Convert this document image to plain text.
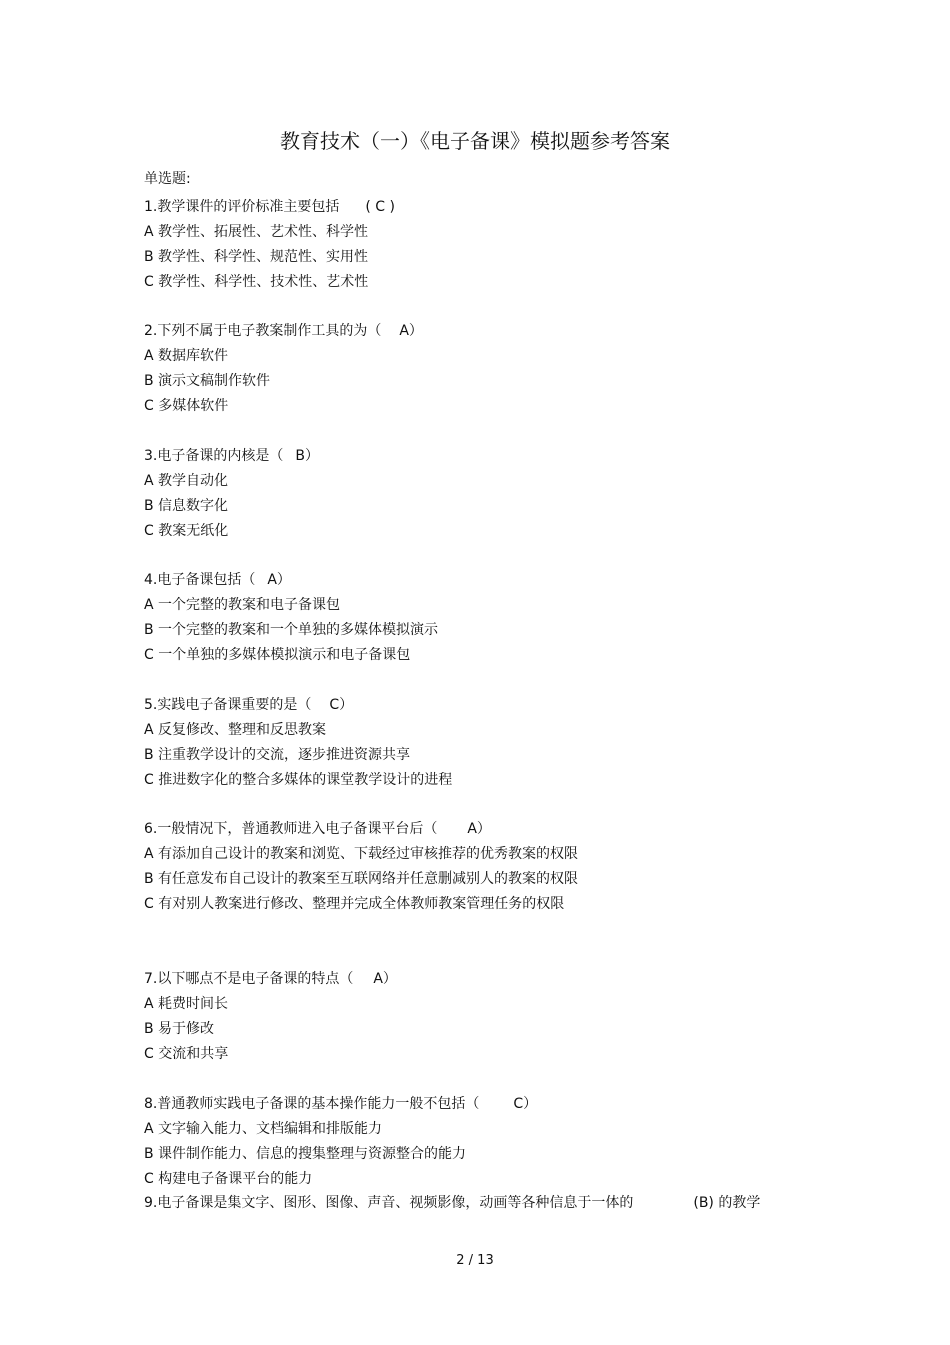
教育技术（一）《电子备课》模拟题参考答案
单选题:
1.教学课件的评价标准主要包括 ( C )
A 教学性、拓展性、艺术性、科学性
B 教学性、科学性、规范性、实用性
C 教学性、科学性、技术性、艺术性
2.下列不属于电子教案制作工具的为（ A）
A 数据库软件
B 演示文稿制作软件
C 多媒体软件
3.电子备课的内核是（ B）
A 教学自动化
B 信息数字化
C 教案无纸化
4.电子备课包括（ A）
A 一个完整的教案和电子备课包
B 一个完整的教案和一个单独的多媒体模拟演示
C 一个单独的多媒体模拟演示和电子备课包
5.实践电子备课重要的是（ C）
A 反复修改、整理和反思教案
B 注重教学设计的交流，逐步推进资源共享
C 推进数字化的整合多媒体的课堂教学设计的进程
6.一般情况下，普通教师进入电子备课平台后（ A）
A 有添加自己设计的教案和浏览、下载经过审核推荐的优秀教案的权限
B 有任意发布自己设计的教案至互联网络并任意删减别人的教案的权限
C 有对别人教案进行修改、整理并完成全体教师教案管理任务的权限
7.以下哪点不是电子备课的特点（ A）
A 耗费时间长
B 易于修改
C 交流和共享
8.普通教师实践电子备课的基本操作能力一般不包括（ C）
A 文字输入能力、文档编辑和排版能力
B 课件制作能力、信息的搜集整理与资源整合的能力
C 构建电子备课平台的能力
9.电子备课是集文字、图形、图像、声音、视频影像，动画等各种信息于一体的	(B) 的教学
2 / 13
